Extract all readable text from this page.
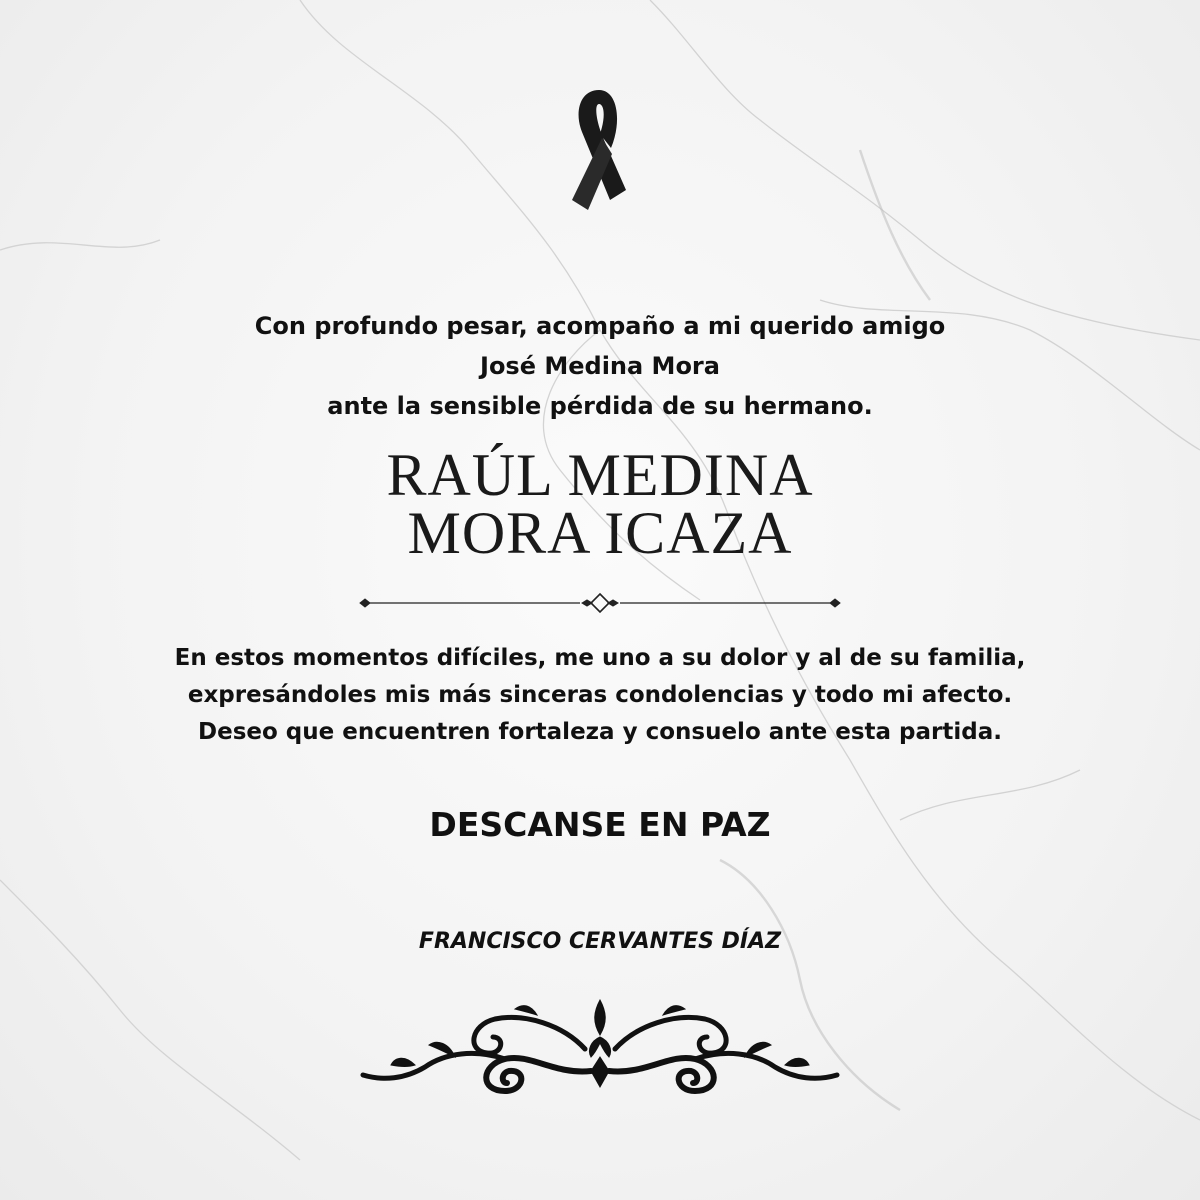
Con profundo pesar, acompaño a mi querido amigo
José Medina Mora
ante la sensible pérdida de su hermano.
RAÚL MEDINA
MORA ICAZA
En estos momentos difíciles, me uno a su dolor y al de su familia,
expresándoles mis más sinceras condolencias y todo mi afecto.
Deseo que encuentren fortaleza y consuelo ante esta partida.
DESCANSE EN PAZ
FRANCISCO CERVANTES DÍAZ
